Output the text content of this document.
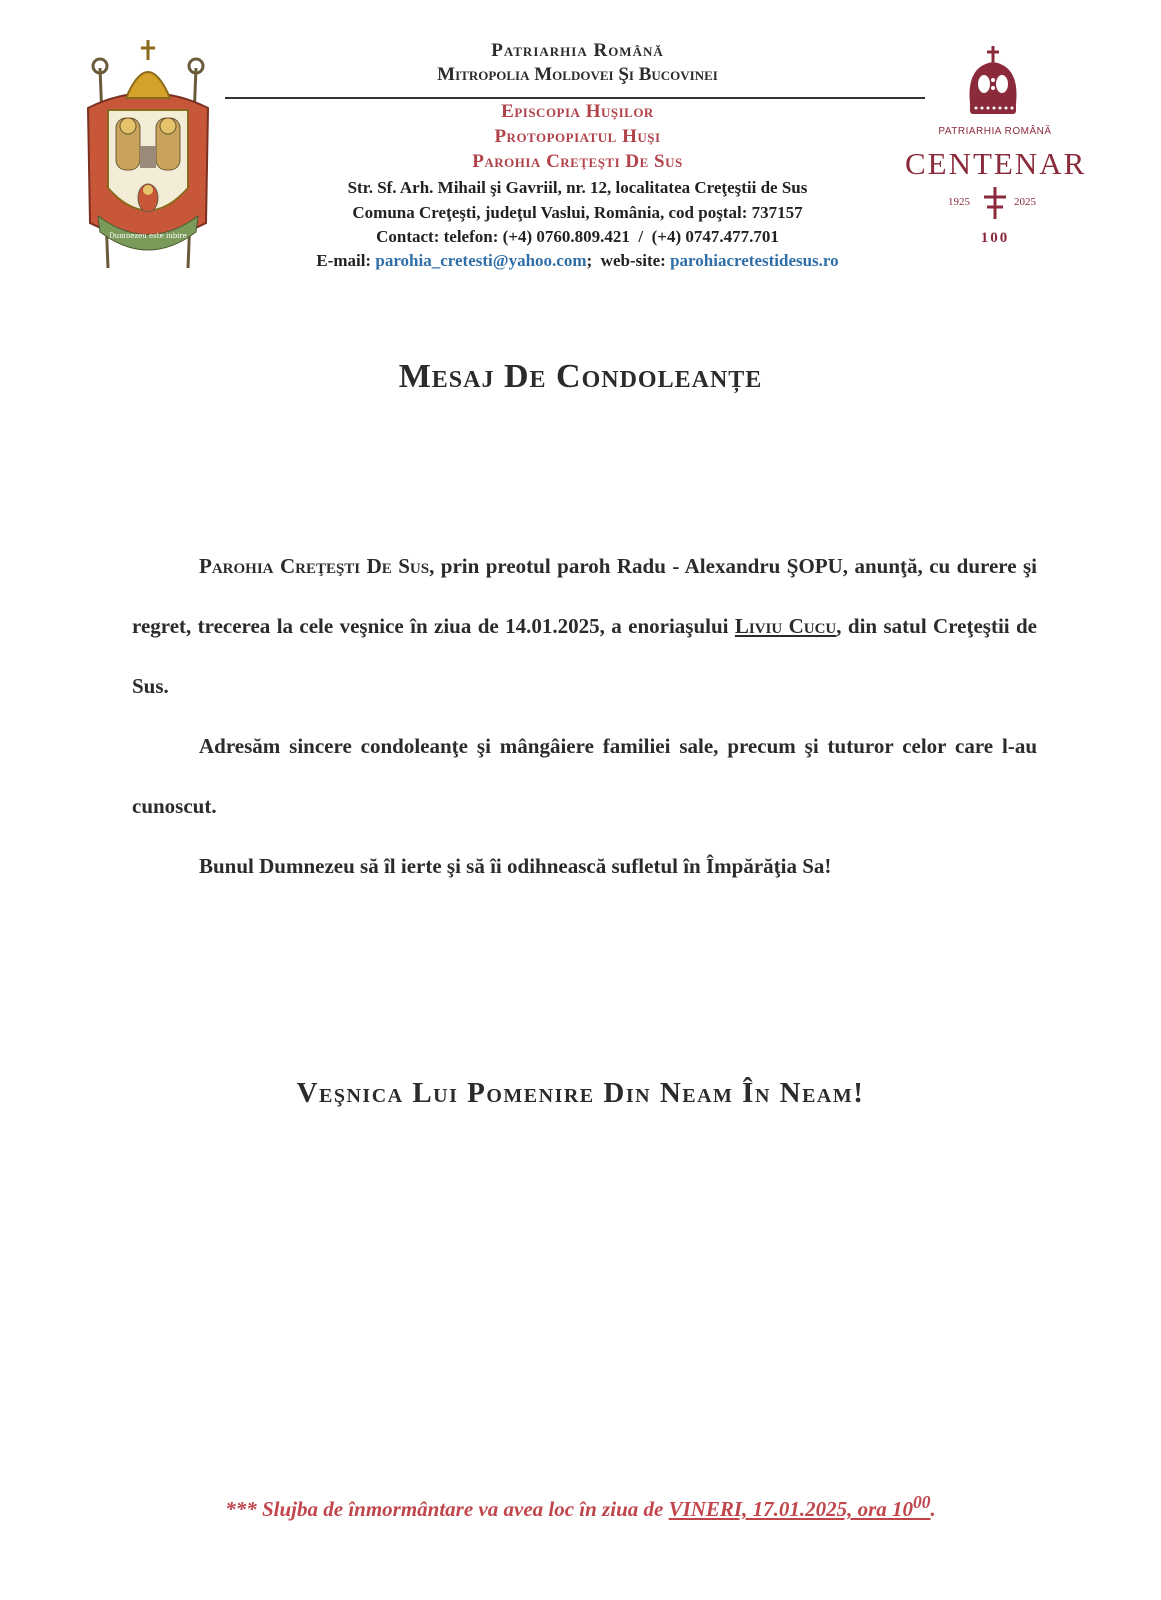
Dumnezeu este iubire
Patriarhia Română
Mitropolia Moldovei Şi Bucovinei
Episcopia Huşilor
Protopopiatul Huşi
Parohia Creţeşti De Sus
Str. Sf. Arh. Mihail şi Gavriil, nr. 12, localitatea Creţeştii de Sus
Comuna Creţeşti, judeţul Vaslui, România, cod poştal: 737157
Contact: telefon: (+4) 0760.809.421 / (+4) 0747.477.701
E-mail: parohia_cretesti@yahoo.com;  web-site: parohiacretestidesus.ro
PATRIARHIA ROMÂNĂ
CENTENAR
1925	2025
100
Mesaj De Condoleanțe
Parohia Creţeşti De Sus, prin preotul paroh Radu - Alexandru ŞOPU, anunţă, cu durere şi regret, trecerea la cele veşnice în ziua de 14.01.2025, a enoriaşului Liviu Cucu, din satul Creţeştii de Sus.
Adresăm sincere condoleanţe şi mângâiere familiei sale, precum şi tuturor celor care l-au cunoscut.
Bunul Dumnezeu să îl ierte şi să îi odihnească sufletul în Împărăţia Sa!
Veşnica Lui Pomenire Din Neam În Neam!
*** Slujba de înmormântare va avea loc în ziua de VINERI, 17.01.2025, ora $10^{00}$.
